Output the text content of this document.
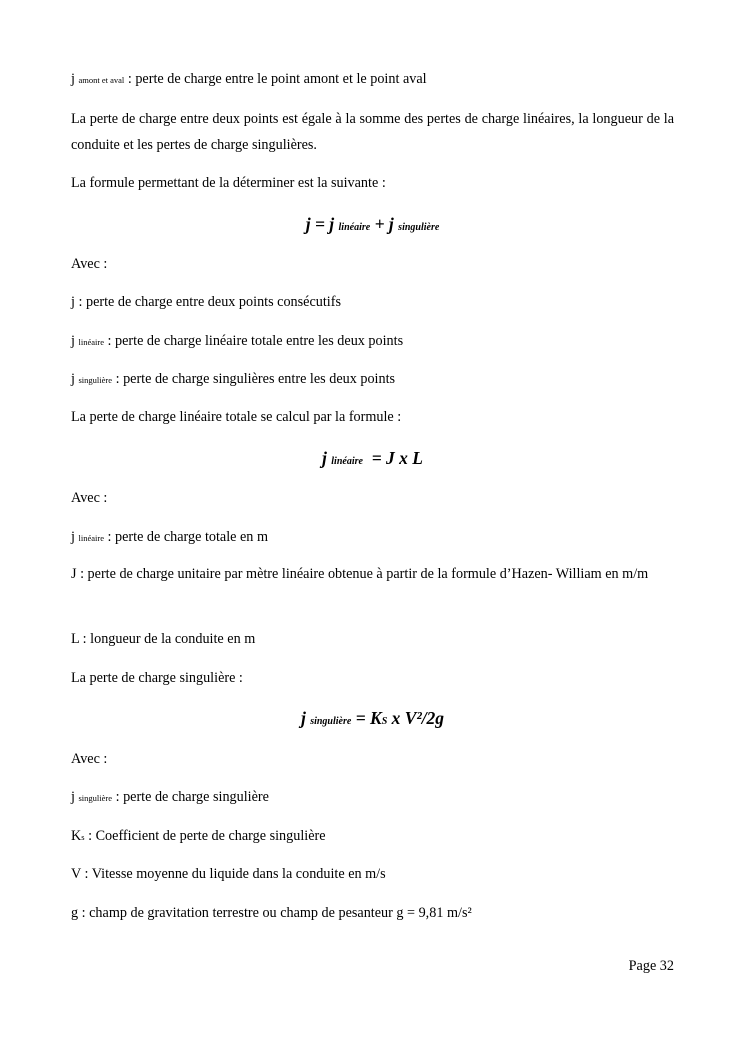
j amont et aval : perte de charge entre le point amont et le point aval
La perte de charge entre deux points est égale à la somme des pertes de charge linéaires, la longueur de la conduite et les pertes de charge singulières.
La formule permettant de la déterminer est la suivante :
j = j linéaire + j singulière
Avec :
j : perte de charge entre deux points consécutifs
j linéaire : perte de charge linéaire totale entre les deux points
j singulière : perte de charge singulières entre les deux points
La perte de charge linéaire totale se calcul par la formule :
j linéaire  = J x L
Avec :
j linéaire : perte de charge totale en m
J : perte de charge unitaire par mètre linéaire obtenue à partir de la formule d’Hazen- William en m/m
L : longueur de la conduite en m
La perte de charge singulière :
j singulière = KS x V²/2g
Avec :
j singulière : perte de charge singulière
Ks : Coefficient de perte de charge singulière
V : Vitesse moyenne du liquide dans la conduite en m/s
g : champ de gravitation terrestre ou champ de pesanteur g = 9,81 m/s²
Page 32
